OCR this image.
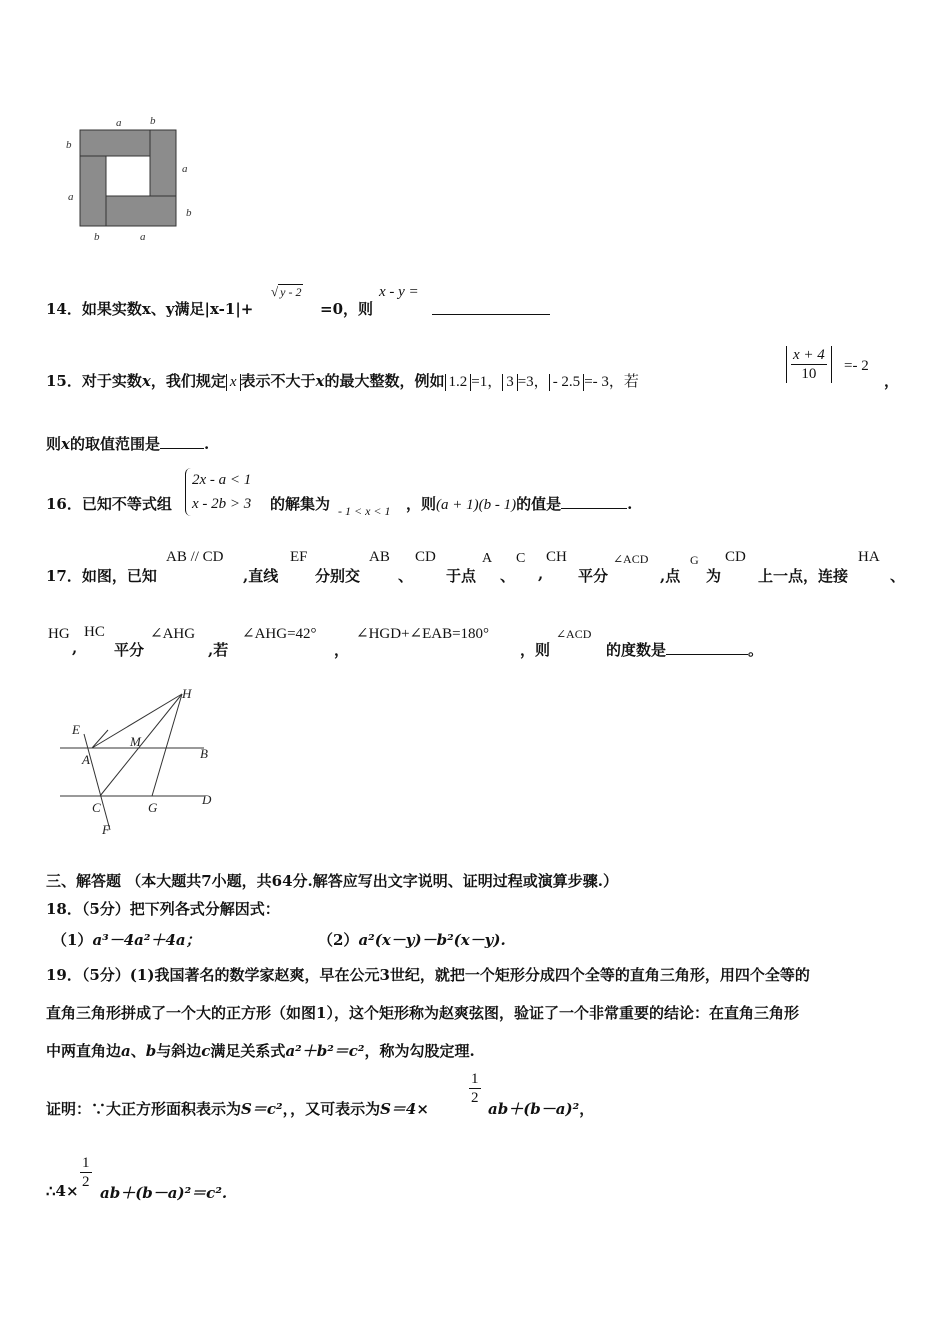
a	b
b
a
a
b
b	a
14．如果实数x、y满足|x-1|+
√ y - 2
=0，则
x - y =
15．对于实数x，我们规定 x 表示不大于x的最大整数，例如 1.2 =1， 3 =3， - 2.5 =- 3，若	$\frac{x + 4}{10} =- 2$
，
则x的取值范围是	.
16．已知不等式组
2x - a < 1
x - 2b > 3 的解集为 - 1 < x < 1 ，则(a + 1)(b - 1)的值是	.
17．如图，已知
AB // CD
,直线
EF
分别交
AB
、
CD
于点
A
、
C
,
CH
平分
∠ACD
,点
G
为
CD
上一点，连接
HA
、
HG
,
HC
平分
∠AHG
,若
∠AHG=42°
，
∠HGD+∠EAB=180°
，则
∠ACD
的度数是	。
H
E
M
B
A
C	G
D
F
三、解答题 （本大题共7小题，共64分.解答应写出文字说明、证明过程或演算步骤.）
18．（5分）把下列各式分解因式：
（1）a³－4a²＋4a；	（2）a²(x－y)－b²(x－y).
19．（5分）(1)我国著名的数学家赵爽，早在公元3世纪，就把一个矩形分成四个全等的直角三角形，用四个全等的
直角三角形拼成了一个大的正方形（如图1），这个矩形称为赵爽弦图，验证了一个非常重要的结论：在直角三角形
中两直角边a、b与斜边c满足关系式a²＋b²＝c²，称为勾股定理.
证明：∵大正方形面积表示为S＝c²，，又可表示为S＝4×
$\frac{1}{2}$
ab＋(b－a)²，
∴4× $\frac{1}{2}$
ab＋(b－a)²＝c².
